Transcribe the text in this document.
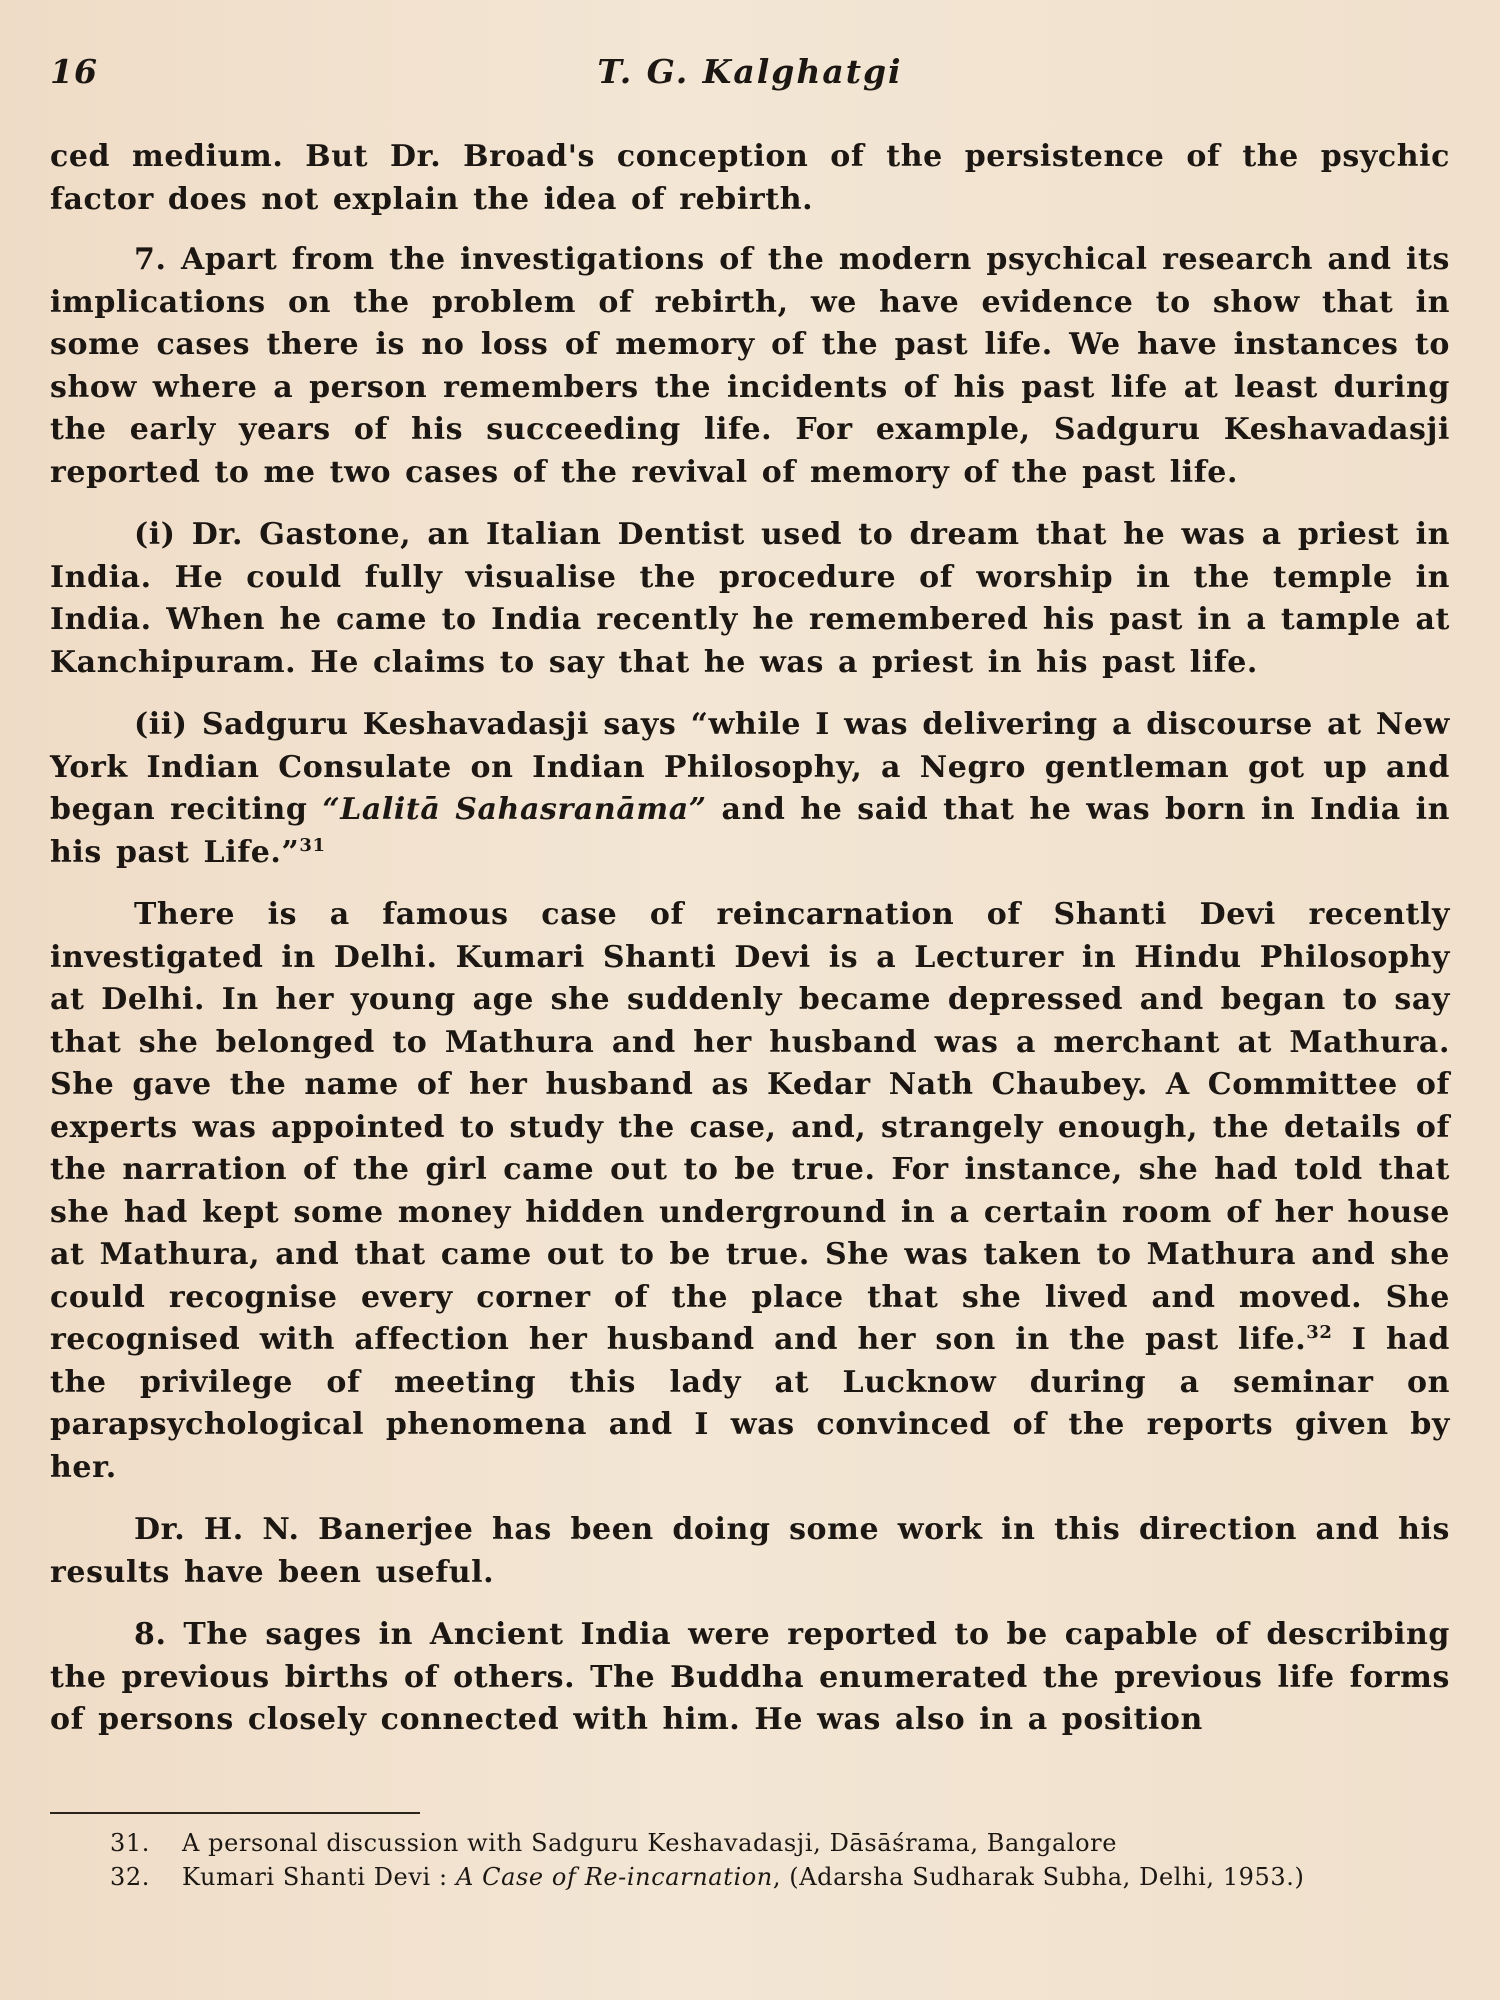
16	T. G. Kalghatgi

ced medium. But Dr. Broad's conception of the persistence of the psychic factor does not explain the idea of rebirth.

7. Apart from the investigations of the modern psychical research and its implications on the problem of rebirth, we have evidence to show that in some cases there is no loss of memory of the past life. We have instances to show where a person remembers the incidents of his past life at least during the early years of his succeeding life. For example, Sadguru Keshavadasji reported to me two cases of the revival of memory of the past life.

(i) Dr. Gastone, an Italian Dentist used to dream that he was a priest in India. He could fully visualise the procedure of worship in the temple in India. When he came to India recently he remembered his past in a tample at Kanchipuram. He claims to say that he was a priest in his past life.

(ii) Sadguru Keshavadasji says “while I was delivering a discourse at New York Indian Consulate on Indian Philosophy, a Negro gentleman got up and began reciting “Lalitā Sahasranāma” and he said that he was born in India in his past Life.”$^{31}$

There is a famous case of reincarnation of Shanti Devi recently investigated in Delhi. Kumari Shanti Devi is a Lecturer in Hindu Philosophy at Delhi. In her young age she suddenly became depressed and began to say that she belonged to Mathura and her husband was a merchant at Mathura. She gave the name of her husband as Kedar Nath Chaubey. A Committee of experts was appointed to study the case, and, strangely enough, the details of the narration of the girl came out to be true. For instance, she had told that she had kept some money hidden underground in a certain room of her house at Mathura, and that came out to be true. She was taken to Mathura and she could recognise every corner of the place that she lived and moved. She recognised with affection her husband and her son in the past life.$^{32}$ I had the privilege of meeting this lady at Lucknow during a seminar on parapsychological phenomena and I was convinced of the reports given by her.

Dr. H. N. Banerjee has been doing some work in this direction and his results have been useful.

8. The sages in Ancient India were reported to be capable of describing the previous births of others. The Buddha enumerated the previous life forms of persons closely connected with him. He was also in a position

31.	A personal discussion with Sadguru Keshavadasji, Dāsāśrama, Bangalore
32.	Kumari Shanti Devi : A Case of Re-incarnation, (Adarsha Sudharak Subha, Delhi, 1953.)
